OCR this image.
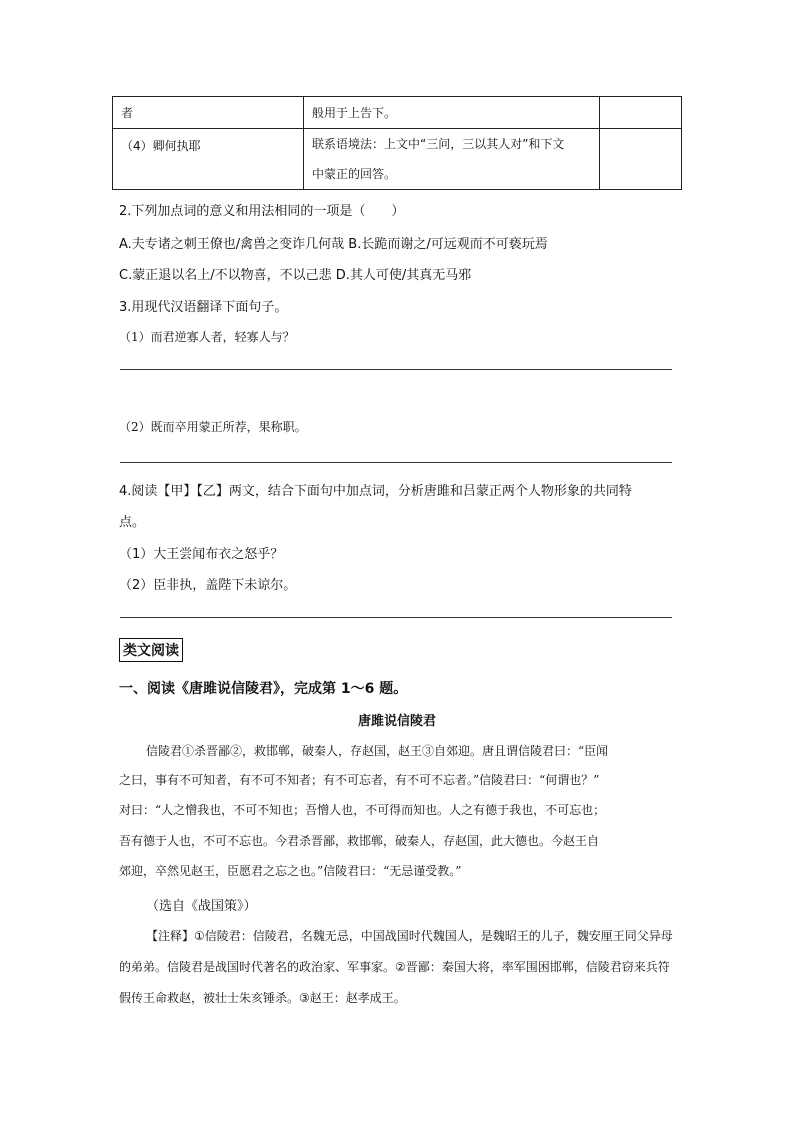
者	般用于上告下。	
（4）卿何执耶	联系语境法：上文中“三问，三以其人对”和下文
中蒙正的回答。	

2.下列加点词的意义和用法相同的一项是（　　）
A.夫专诸之刺王僚也/禽兽之变诈几何哉 B.长跪而谢之/可远观而不可亵玩焉
C.蒙正退以名上/不以物喜，不以己悲 D.其人可使/其真无马邪
3.用现代汉语翻译下面句子。
（1）而君逆寡人者，轻寡人与？
（2）既而卒用蒙正所荐，果称职。
4.阅读【甲】【乙】两文，结合下面句中加点词，分析唐雎和吕蒙正两个人物形象的共同特
点。
（1）大王尝闻布衣之怒乎？
（2）臣非执，盖陛下未谅尔。
类文阅读
一、阅读《唐雎说信陵君》，完成第 1～6 题。
唐雎说信陵君
信陵君①杀晋鄙②，救邯郸，破秦人，存赵国，赵王③自郊迎。唐且谓信陵君曰：“臣闻
之曰，事有不可知者，有不可不知者；有不可忘者，有不可不忘者。”信陵君曰：“何谓也？”
对曰：“人之憎我也，不可不知也；吾憎人也，不可得而知也。人之有德于我也，不可忘也；
吾有德于人也，不可不忘也。今君杀晋鄙，救邯郸，破秦人，存赵国，此大德也。今赵王自
郊迎，卒然见赵王，臣愿君之忘之也。”信陵君曰：“无忌谨受教。”
（选自《战国策》）
【注释】①信陵君：信陵君，名魏无忌，中国战国时代魏国人，是魏昭王的儿子，魏安厘王同父异母
的弟弟。信陵君是战国时代著名的政治家、军事家。②晋鄙：秦国大将，率军围困邯郸，信陵君窃来兵符
假传王命救赵，被壮士朱亥锤杀。③赵王：赵孝成王。
